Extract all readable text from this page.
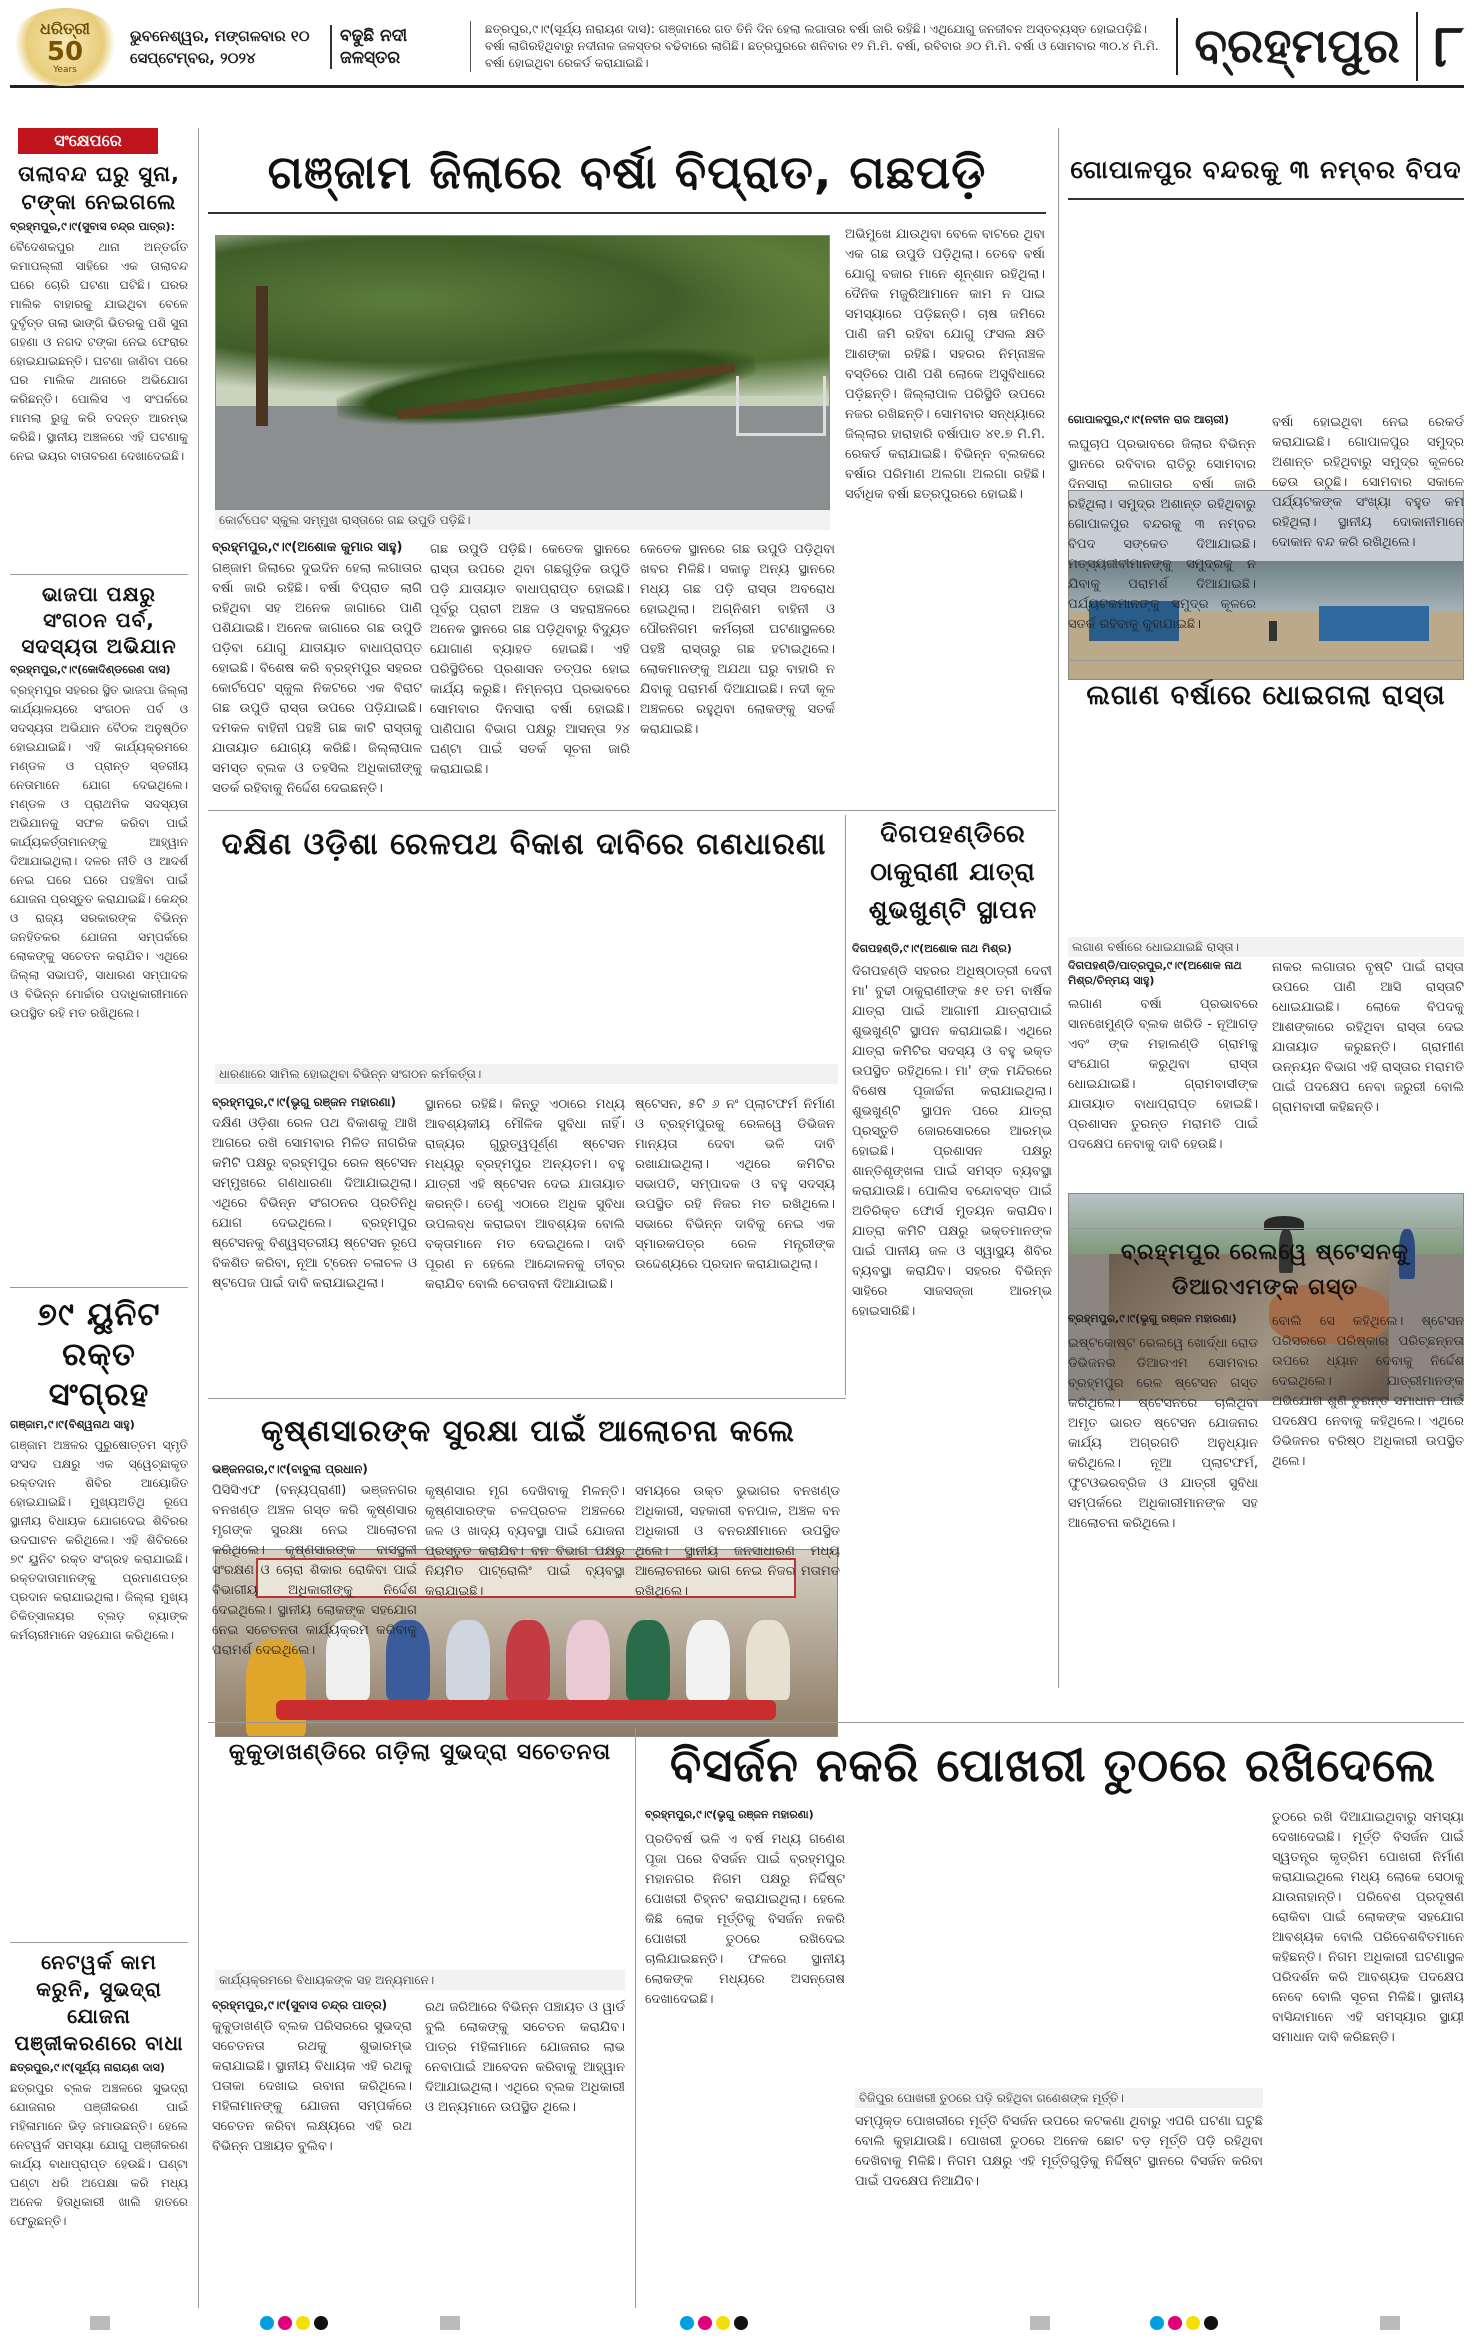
ଧରିତ୍ରୀ
50
Years
ଭୁବନେଶ୍ୱର, ମଙ୍ଗଳବାର ୧୦ ସେପ୍ଟେମ୍ବର, ୨୦୨୪
ବଢୁଛି ନଦୀ ଜଳସ୍ତର
ଛତ୍ରପୁର,୯।୯(ସୂର୍ଯ୍ୟ ନାରାୟଣ ଦାସ): ଗଞ୍ଜାମରେ ଗତ ତିନି ଦିନ ହେଲା ଲଗାତାର ବର୍ଷା ଜାରି ରହିଛି। ଏଥିଯୋଗୁ ଜନଜୀବନ ଅସ୍ତବ୍ୟସ୍ତ ହୋଇପଡ଼ିଛି। ବର୍ଷା ଲାଗିରହିଥିବାରୁ ନଦୀନାଳ ଜଳସ୍ତର ବଢିବାରେ ଲାଗିଛି। ଛତ୍ରପୁରରେ ଶନିବାର ୧୨ ମି.ମି. ବର୍ଷା, ରବିବାର ୬୦ ମି.ମି. ବର୍ଷା ଓ ସୋମବାର ୩୦.୪ ମି.ମି. ବର୍ଷା ହୋଇଥିବା ରେକର୍ଡ କରାଯାଇଛି।	ବ୍ରହ୍ମପୁର ୮
ସଂକ୍ଷେପରେ
ତାଲାବନ୍ଦ ଘରୁ ସୁନା, ଟଙ୍କା ନେଇଗଲେ
ବ୍ରହ୍ମପୁର,୯।୯(ସୁବାସ ଚନ୍ଦ୍ର ପାତ୍ର):
ବୈଦେଶକପୁର ଥାନା ଅନ୍ତର୍ଗତ କମାପଲ୍ଲୀ ସାହିରେ ଏକ ତାଲାବନ୍ଦ ଘରେ ଚୋରି ଘଟଣା ଘଟିଛି। ଘରର ମାଲିକ ବାହାରକୁ ଯାଇଥିବା ବେଳେ ଦୁର୍ବୃତ୍ତ ତାଲା ଭାଙ୍ଗି ଭିତରକୁ ପଶି ସୁନା ଗହଣା ଓ ନଗଦ ଟଙ୍କା ନେଇ ଫେରାର ହୋଇଯାଇଛନ୍ତି। ଘଟଣା ଜାଣିବା ପରେ ଘର ମାଲିକ ଥାନାରେ ଅଭିଯୋଗ କରିଛନ୍ତି। ପୋଲିସ ଏ ସଂପର୍କରେ ମାମଲା ରୁଜୁ କରି ତଦନ୍ତ ଆରମ୍ଭ କରିଛି। ସ୍ଥାନୀୟ ଅଞ୍ଚଳରେ ଏହି ଘଟଣାକୁ ନେଇ ଭୟର ବାତାବରଣ ଦେଖାଦେଇଛି।
ଭାଜପା ପକ୍ଷରୁ ସଂଗଠନ ପର୍ବ, ସଦସ୍ୟତା ଅଭିଯାନ
ବ୍ରହ୍ମପୁର,୯।୯(କୋଦିଣ୍ଡରେଣ ଦାସ)
ବ୍ରହ୍ମପୁର ସହରର ସ୍ଥିତ ଭାଜପା ଜିଲ୍ଲା କାର୍ଯ୍ୟାଳୟରେ ସଂଗଠନ ପର୍ବ ଓ ସଦସ୍ୟତା ଅଭିଯାନ ବୈଠକ ଅନୁଷ୍ଠିତ ହୋଇଯାଇଛି। ଏହି କାର୍ଯ୍ୟକ୍ରମରେ ମଣ୍ଡଳ ଓ ପ୍ରାନ୍ତ ସ୍ତରୀୟ ନେତାମାନେ ଯୋଗ ଦେଇଥିଲେ। ମଣ୍ଡଳ ଓ ପ୍ରାଥମିକ ସଦସ୍ୟତା ଅଭିଯାନକୁ ସଫଳ କରିବା ପାଇଁ କାର୍ଯ୍ୟକର୍ତ୍ତାମାନଙ୍କୁ ଆହ୍ୱାନ ଦିଆଯାଇଥିଲା। ଦଳର ନୀତି ଓ ଆଦର୍ଶ ନେଇ ଘରେ ଘରେ ପହଞ୍ଚିବା ପାଇଁ ଯୋଜନା ପ୍ରସ୍ତୁତ କରାଯାଇଛି। କେନ୍ଦ୍ର ଓ ରାଜ୍ୟ ସରକାରଙ୍କ ବିଭିନ୍ନ ଜନହିତକର ଯୋଜନା ସମ୍ପର୍କରେ ଲୋକଙ୍କୁ ସଚେତନ କରାଯିବ। ଏଥିରେ ଜିଲ୍ଲା ସଭାପତି, ସାଧାରଣ ସମ୍ପାଦକ ଓ ବିଭିନ୍ନ ମୋର୍ଚ୍ଚାର ପଦାଧିକାରୀମାନେ ଉପସ୍ଥିତ ରହି ମତ ରଖିଥିଲେ।
୭୯ ୟୁନିଟ ରକ୍ତ ସଂଗ୍ରହ
ଗଞ୍ଜାମ,୯।୯(ବିଶ୍ୱନାଥ ସାହୁ)
ଗଞ୍ଜାମ ଅଞ୍ଚଳର ପୁରୁଷୋତ୍ତମ ସ୍ମୃତି ସଂସଦ ପକ୍ଷରୁ ଏକ ସ୍ୱେଚ୍ଛାକୃତ ରକ୍ତଦାନ ଶିବିର ଆୟୋଜିତ ହୋଇଯାଇଛି। ମୁଖ୍ୟଅତିଥି ରୂପେ ସ୍ଥାନୀୟ ବିଧାୟକ ଯୋଗଦେଇ ଶିବିରର ଉଦଘାଟନ କରିଥିଲେ। ଏହି ଶିବିରରେ ୭୯ ୟୁନିଟ ରକ୍ତ ସଂଗ୍ରହ କରାଯାଇଛି। ରକ୍ତଦାତାମାନଙ୍କୁ ପ୍ରମାଣପତ୍ର ପ୍ରଦାନ କରାଯାଇଥିଲା। ଜିଲ୍ଲା ମୁଖ୍ୟ ଚିକିତ୍ସାଳୟର ବ୍ଲଡ଼ ବ୍ୟାଙ୍କ କର୍ମଚାରୀମାନେ ସହଯୋଗ କରିଥିଲେ।
ନେଟୱର୍କ କାମ କରୁନି, ସୁଭଦ୍ରା ଯୋଜନା ପଞ୍ଜୀକରଣରେ ବାଧା
ଛତ୍ରପୁର,୯।୯(ସୂର୍ଯ୍ୟ ନାରାୟଣ ଦାସ)
ଛତ୍ରପୁର ବ୍ଲକ ଅଞ୍ଚଳରେ ସୁଭଦ୍ରା ଯୋଜନାର ପଞ୍ଜୀକରଣ ପାଇଁ ମହିଳାମାନେ ଭିଡ଼ ଜମାଉଛନ୍ତି। ହେଲେ ନେଟୱର୍କ ସମସ୍ୟା ଯୋଗୁ ପଞ୍ଜୀକରଣ କାର୍ଯ୍ୟ ବାଧାପ୍ରାପ୍ତ ହେଉଛି। ଘଣ୍ଟା ଘଣ୍ଟା ଧରି ଅପେକ୍ଷା କରି ମଧ୍ୟ ଅନେକ ହିତାଧିକାରୀ ଖାଲି ହାତରେ ଫେରୁଛନ୍ତି।
ଗଞ୍ଜାମ ଜିଲାରେ ବର୍ଷା ବିପ୍ରାତ, ଗଛପଡ଼ି
କୋର୍ଟପେଟ ସ୍କୁଲ ସମ୍ମୁଖ ରାସ୍ତାରେ ଗଛ ଉପୁଡି ପଡ଼ିଛି।
ବ୍ରହ୍ମପୁର,୯।୯(ଅଶୋକ କୁମାର ସାହୁ)
ଗଞ୍ଜାମ ଜିଲାରେ ଦୁଇଦିନ ହେଲା ଲଗାତାର ବର୍ଷା ଜାରି ରହିଛି। ବର୍ଷା ବିପ୍ରାତ ଲାଗି ରହିଥିବା ସହ ଅନେକ ଜାଗାରେ ପାଣି ପଶିଯାଇଛି। ଅନେକ ଜାଗାରେ ଗଛ ଉପୁଡି ପଡ଼ିବା ଯୋଗୁ ଯାତାୟାତ ବାଧାପ୍ରାପ୍ତ ହୋଇଛି। ବିଶେଷ କରି ବ୍ରହ୍ମପୁର ସହରର କୋର୍ଟପେଟ ସ୍କୁଲ ନିକଟରେ ଏକ ବିରାଟ ଗଛ ଉପୁଡି ରାସ୍ତା ଉପରେ ପଡ଼ିଯାଇଛି। ଦମକଳ ବାହିନୀ ପହଞ୍ଚି ଗଛ କାଟି ରାସ୍ତାକୁ ଯାତାୟାତ ଯୋଗ୍ୟ କରିଛି। ଜିଲ୍ଲାପାଳ ସମସ୍ତ ବ୍ଲକ ଓ ତହସିଲ ଅଧିକାରୀଙ୍କୁ ସତର୍କ ରହିବାକୁ ନିର୍ଦ୍ଦେଶ ଦେଇଛନ୍ତି।
ଗଛ ଉପୁଡି ପଡ଼ିଛି। କେତେକ ସ୍ଥାନରେ ରାସ୍ତା ଉପରେ ଥିବା ଗଛଗୁଡ଼ିକ ଉପୁଡି ପଡ଼ି ଯାତାୟାତ ବାଧାପ୍ରାପ୍ତ ହୋଇଛି। ପୂର୍ବରୁ ପ୍ରାଚୀ ଅଞ୍ଚଳ ଓ ସହରାଞ୍ଚଳରେ ଅନେକ ସ୍ଥାନରେ ଗଛ ପଡ଼ିଥିବାରୁ ବିଦ୍ୟୁତ ଯୋଗାଣ ବ୍ୟାହତ ହୋଇଛି। ଏହି ପରିସ୍ଥିତିରେ ପ୍ରଶାସନ ତତ୍ପର ହୋଇ କାର୍ଯ୍ୟ କରୁଛି। ନିମ୍ନଚାପ ପ୍ରଭାବରେ ସୋମବାର ଦିନସାରା ବର୍ଷା ହୋଇଛି। ପାଣିପାଗ ବିଭାଗ ପକ୍ଷରୁ ଆସନ୍ତା ୨୪ ଘଣ୍ଟା ପାଇଁ ସତର୍କ ସୂଚନା ଜାରି କରାଯାଇଛି।
କେତେକ ସ୍ଥାନରେ ଗଛ ଉପୁଡି ପଡ଼ିଥିବା ଖବର ମିଳିଛି। ସକାଳୁ ଅନ୍ୟ ସ୍ଥାନରେ ମଧ୍ୟ ଗଛ ପଡ଼ି ରାସ୍ତା ଅବରୋଧ ହୋଇଥିଲା। ଅଗ୍ନିଶମ ବାହିନୀ ଓ ପୌରନିଗମ କର୍ମଚାରୀ ଘଟଣାସ୍ଥଳରେ ପହଞ୍ଚି ରାସ୍ତାରୁ ଗଛ ହଟାଇଥିଲେ। ଲୋକମାନଙ୍କୁ ଅଯଥା ଘରୁ ବାହାରି ନ ଯିବାକୁ ପରାମର୍ଶ ଦିଆଯାଇଛି। ନଦୀ କୂଳ ଅଞ୍ଚଳରେ ରହୁଥିବା ଲୋକଙ୍କୁ ସତର୍କ କରାଯାଇଛି।
ଅଭିମୁଖେ ଯାଉଥିବା ବେଳେ ବାଟରେ ଥିବା ଏକ ଗଛ ଉପୁଡି ପଡ଼ିଥିଲା। ତେବେ ବର୍ଷା ଯୋଗୁ ବଜାର ମାନେ ଶୂନ୍ଶାନ ରହିଥିଲା। ଦୈନିକ ମଜୁରିଆମାନେ କାମ ନ ପାଇ ସମସ୍ୟାରେ ପଡ଼ିଛନ୍ତି। ଚାଷ ଜମିରେ ପାଣି ଜମି ରହିବା ଯୋଗୁ ଫସଲ କ୍ଷତି ଆଶଙ୍କା ରହିଛି। ସହରର ନିମ୍ନାଞ୍ଚଳ ବସ୍ତିରେ ପାଣି ପଶି ଲୋକେ ଅସୁବିଧାରେ ପଡ଼ିଛନ୍ତି। ଜିଲ୍ଲାପାଳ ପରିସ୍ଥିତି ଉପରେ ନଜର ରଖିଛନ୍ତି। ସୋମବାର ସନ୍ଧ୍ୟାରେ ଜିଲ୍ଲାର ହାରାହାରି ବର୍ଷାପାତ ୪୧.୭ ମି.ମି. ରେକର୍ଡ କରାଯାଇଛି। ବିଭିନ୍ନ ବ୍ଲକରେ ବର୍ଷାର ପରିମାଣ ଅଲଗା ଅଲଗା ରହିଛି। ସର୍ବାଧିକ ବର୍ଷା ଛତ୍ରପୁରରେ ହୋଇଛି।
ଗୋପାଳପୁର ବନ୍ଦରକୁ ୩ ନମ୍ବର ବିପଦ
ଗୋପାଳପୁର,୯।୯(ନବୀନ ରାଜ ଆଚାରୀ)
ଲଘୁଚାପ ପ୍ରଭାବରେ ଜିଲାର ବିଭିନ୍ନ ସ୍ଥାନରେ ରବିବାର ରାତିରୁ ସୋମବାର ଦିନସାରା ଲଗାତାର ବର୍ଷା ଜାରି ରହିଥିଲା। ସମୁଦ୍ର ଅଶାନ୍ତ ରହିଥିବାରୁ ଗୋପାଳପୁର ବନ୍ଦରକୁ ୩ ନମ୍ବର ବିପଦ ସଙ୍କେତ ଦିଆଯାଇଛି। ମତ୍ସ୍ୟଜୀବୀମାନଙ୍କୁ ସମୁଦ୍ରକୁ ନ ଯିବାକୁ ପରାମର୍ଶ ଦିଆଯାଇଛି। ପର୍ଯ୍ୟଟକମାନଙ୍କୁ ସମୁଦ୍ର କୂଳରେ ସତର୍କ ରହିବାକୁ କୁହାଯାଇଛି।
ବର୍ଷା ହୋଇଥିବା ନେଇ ରେକର୍ଡ କରାଯାଇଛି। ଗୋପାଳପୁର ସମୁଦ୍ର ଅଶାନ୍ତ ରହିଥିବାରୁ ସମୁଦ୍ର କୂଳରେ ଢେଉ ଉଠୁଛି। ସୋମବାର ସକାଳେ ପର୍ଯ୍ୟଟକଙ୍କ ସଂଖ୍ୟା ବହୁତ କମ ରହିଥିଲା। ସ୍ଥାନୀୟ ଦୋକାନୀମାନେ ଦୋକାନ ବନ୍ଦ କରି ରଖିଥିଲେ।
ଲଗାଣ ବର୍ଷାରେ ଧୋଇଗଲା ରାସ୍ତା
ଲଗାଣ ବର୍ଷାରେ ଧୋଇଯାଇଛି ରାସ୍ତା।
ଦିଗପହଣ୍ଡି/ପାତ୍ରପୁର,୯।୯(ଅଶୋକ ନାଥ ମିଶ୍ର/ଚିନ୍ମୟ ସାହୁ)
ଲଗାଣ ବର୍ଷା ପ୍ରଭାବରେ ସାନଖେମୁଣ୍ଡି ବ୍ଲକ ଖରିଡି - ନୂଆଗଡ଼ ଏବଂ ଙ୍କ ମହାଲଣ୍ଡି ଗ୍ରାମକୁ ସଂଯୋଗ କରୁଥିବା ରାସ୍ତା ଧୋଇଯାଇଛି। ଗ୍ରାମବାସୀଙ୍କ ଯାତାୟାତ ବାଧାପ୍ରାପ୍ତ ହୋଇଛି। ପ୍ରଶାସନ ତୁରନ୍ତ ମରାମତି ପାଇଁ ପଦକ୍ଷେପ ନେବାକୁ ଦାବି ହେଉଛି।
ନାକର ଲଗାତାର ବୃଷ୍ଟି ପାଇଁ ରାସ୍ତା ଉପରେ ପାଣି ଆସି ରାସ୍ତାଟି ଧୋଇଯାଇଛି। ଲୋକେ ବିପଦକୁ ଆଶଙ୍କାରେ ରହିଥିବା ରାସ୍ତା ଦେଇ ଯାତାୟାତ କରୁଛନ୍ତି। ଗ୍ରାମୀଣ ଉନ୍ନୟନ ବିଭାଗ ଏହି ରାସ୍ତାର ମରାମତି ପାଇଁ ପଦକ୍ଷେପ ନେବା ଜରୁରୀ ବୋଲି ଗ୍ରାମବାସୀ କହିଛନ୍ତି।
ଦକ୍ଷିଣ ଓଡ଼ିଶା ରେଳପଥ ବିକାଶ ଦାବିରେ ଗଣଧାରଣା
ଧାରଣାରେ ସାମିଲ ହୋଇଥିବା ବିଭିନ୍ନ ସଂଗଠନ କର୍ମକର୍ତ୍ତା।
ବ୍ରହ୍ମପୁର,୯।୯(ଭୃଗୁ ରଞ୍ଜନ ମହାରଣା)
ଦକ୍ଷିଣ ଓଡ଼ିଶା ରେଳ ପଥ ବିକାଶକୁ ଆଖି ଆଗରେ ରଖି ସୋମବାର ମିଳିତ ନାଗରିକ କମିଟି ପକ୍ଷରୁ ବ୍ରହ୍ମପୁର ରେଳ ଷ୍ଟେସନ ସମ୍ମୁଖରେ ଗଣଧାରଣା ଦିଆଯାଇଥିଲା। ଏଥିରେ ବିଭିନ୍ନ ସଂଗଠନର ପ୍ରତିନିଧି ଯୋଗ ଦେଇଥିଲେ। ବ୍ରହ୍ମପୁର ଷ୍ଟେସନକୁ ବିଶ୍ୱସ୍ତରୀୟ ଷ୍ଟେସନ ରୂପେ ବିକଶିତ କରିବା, ନୂଆ ଟ୍ରେନ ଚଳାଚଳ ଓ ଷ୍ଟପେଜ ପାଇଁ ଦାବି କରାଯାଇଥିଲା।
ସ୍ଥାନରେ ରହିଛି। କିନ୍ତୁ ଏଠାରେ ମଧ୍ୟ ଆବଶ୍ୟକୀୟ ମୌଳିକ ସୁବିଧା ନାହିଁ। ରାଜ୍ୟର ଗୁରୁତ୍ୱପୂର୍ଣ୍ଣ ଷ୍ଟେସନ ମଧ୍ୟରୁ ବ୍ରହ୍ମପୁର ଅନ୍ୟତମ। ବହୁ ଯାତ୍ରୀ ଏହି ଷ୍ଟେସନ ଦେଇ ଯାତାୟାତ କରନ୍ତି। ତେଣୁ ଏଠାରେ ଅଧିକ ସୁବିଧା ଉପଲବ୍ଧ କରାଇବା ଆବଶ୍ୟକ ବୋଲି ବକ୍ତାମାନେ ମତ ଦେଇଥିଲେ। ଦାବି ପୂରଣ ନ ହେଲେ ଆନ୍ଦୋଳନକୁ ତୀବ୍ର କରାଯିବ ବୋଲି ଚେତାବନୀ ଦିଆଯାଇଛି।
ଷ୍ଟେସନ, ୫ଟି ୬ ନଂ ପ୍ଲାଟଫର୍ମ ନିର୍ମାଣ ଓ ବ୍ରହ୍ମପୁରକୁ ରେଳୱେ ଡିଭିଜନ ମାନ୍ୟତା ଦେବା ଭଳି ଦାବି ରଖାଯାଇଥିଲା। ଏଥିରେ କମିଟିର ସଭାପତି, ସମ୍ପାଦକ ଓ ବହୁ ସଦସ୍ୟ ଉପସ୍ଥିତ ରହି ନିଜର ମତ ରଖିଥିଲେ। ସଭାରେ ବିଭିନ୍ନ ଦାବିକୁ ନେଇ ଏକ ସ୍ମାରକପତ୍ର ରେଳ ମନ୍ତ୍ରୀଙ୍କ ଉଦ୍ଦେଶ୍ୟରେ ପ୍ରଦାନ କରାଯାଇଥିଲା।
ଦିଗପହଣ୍ଡିରେ ଠାକୁରାଣୀ ଯାତ୍ରା ଶୁଭଖୁଣ୍ଟି ସ୍ଥାପନ
ଦିଗପହଣ୍ଡି,୯।୯(ଅଶୋକ ନାଥ ମିଶ୍ର)
ଦିଗପହଣ୍ଡି ସହରର ଅଧିଷ୍ଠାତ୍ରୀ ଦେବୀ ମା' ବୁଢୀ ଠାକୁରାଣୀଙ୍କ ୫୧ ତମ ବାର୍ଷିକ ଯାତ୍ରା ପାଇଁ ଆଗାମୀ ଯାତ୍ରାପାଇଁ ଶୁଭଖୁଣ୍ଟି ସ୍ଥାପନ କରାଯାଇଛି। ଏଥିରେ ଯାତ୍ରା କମିଟିର ସଦସ୍ୟ ଓ ବହୁ ଭକ୍ତ ଉପସ୍ଥିତ ରହିଥିଲେ। ମା' ଙ୍କ ମନ୍ଦିରରେ ବିଶେଷ ପୂଜାର୍ଚ୍ଚନା କରାଯାଇଥିଲା। ଶୁଭଖୁଣ୍ଟି ସ୍ଥାପନ ପରେ ଯାତ୍ରା ପ୍ରସ୍ତୁତି ଜୋରସୋରରେ ଆରମ୍ଭ ହୋଇଛି। ପ୍ରଶାସନ ପକ୍ଷରୁ ଶାନ୍ତିଶୃଙ୍ଖଳା ପାଇଁ ସମସ୍ତ ବ୍ୟବସ୍ଥା କରାଯାଉଛି। ପୋଲିସ ବନ୍ଦୋବସ୍ତ ପାଇଁ ଅତିରିକ୍ତ ଫୋର୍ସ ମୁତୟନ କରାଯିବ। ଯାତ୍ରା କମିଟି ପକ୍ଷରୁ ଭକ୍ତମାନଙ୍କ ପାଇଁ ପାନୀୟ ଜଳ ଓ ସ୍ୱାସ୍ଥ୍ୟ ଶିବିର ବ୍ୟବସ୍ଥା କରାଯିବ। ସହରର ବିଭିନ୍ନ ସାହିରେ ସାଜସଜ୍ଜା ଆରମ୍ଭ ହୋଇସାରିଛି।
ବ୍ରହ୍ମପୁର ରେଲୱେ ଷ୍ଟେସନକୁ ଡିଆରଏମଙ୍କ ଗସ୍ତ
ବ୍ରହ୍ମପୁର,୯।୯(ଭୃଗୁ ରଞ୍ଜନ ମହାରଣା)
ଇଷ୍ଟକୋଷ୍ଟ ରେଲୱେ ଖୋର୍ଦ୍ଧା ରୋଡ ଡିଭିଜନର ଡିଆରଏମ ସୋମବାର ବ୍ରହ୍ମପୁର ରେଳ ଷ୍ଟେସନ ଗସ୍ତ କରିଥିଲେ। ଷ୍ଟେସନରେ ଚାଲିଥିବା ଅମୃତ ଭାରତ ଷ୍ଟେସନ ଯୋଜନାର କାର୍ଯ୍ୟ ଅଗ୍ରଗତି ଅନୁଧ୍ୟାନ କରିଥିଲେ। ନୂଆ ପ୍ଲାଟଫର୍ମ, ଫୁଟଓଭରବ୍ରିଜ ଓ ଯାତ୍ରୀ ସୁବିଧା ସମ୍ପର୍କରେ ଅଧିକାରୀମାନଙ୍କ ସହ ଆଲୋଚନା କରିଥିଲେ।
ବୋଲି ସେ କହିଥିଲେ। ଷ୍ଟେସନ ପରିସରରେ ପରିଷ୍କାର ପରିଚ୍ଛନ୍ନତା ଉପରେ ଧ୍ୟାନ ଦେବାକୁ ନିର୍ଦ୍ଦେଶ ଦେଇଥିଲେ। ଯାତ୍ରୀମାନଙ୍କ ଅଭିଯୋଗ ଶୁଣି ତୁରନ୍ତ ସମାଧାନ ପାଇଁ ପଦକ୍ଷେପ ନେବାକୁ କହିଥିଲେ। ଏଥିରେ ଡିଭିଜନର ବରିଷ୍ଠ ଅଧିକାରୀ ଉପସ୍ଥିତ ଥିଲେ।
କୃଷ୍ଣସାରଙ୍କ ସୁରକ୍ଷା ପାଇଁ ଆଲୋଚନା କଲେ
ଭଞ୍ଜନଗର,୯।୯(ବାବୁଲା ପ୍ରଧାନ)
ପିସିସିଏଫ (ବନ୍ୟପ୍ରାଣୀ) ଭଞ୍ଜନଗର ବନଖଣ୍ଡ ଅଞ୍ଚଳ ଗସ୍ତ କରି କୃଷ୍ଣସାର ମୃଗଙ୍କ ସୁରକ୍ଷା ନେଇ ଆଲୋଚନା କରିଥିଲେ। କୃଷ୍ଣସାରଙ୍କ ବାସସ୍ଥଳୀ ସଂରକ୍ଷଣ ଓ ଚୋରା ଶିକାର ରୋକିବା ପାଇଁ ବିଭାଗୀୟ ଅଧିକାରୀଙ୍କୁ ନିର୍ଦ୍ଦେଶ ଦେଇଥିଲେ। ସ୍ଥାନୀୟ ଲୋକଙ୍କ ସହଯୋଗ ନେଇ ସଚେତନତା କାର୍ଯ୍ୟକ୍ରମ କରିବାକୁ ପରାମର୍ଶ ଦେଇଥିଲେ।
କୃଷ୍ଣସାର ମୃଗ ଦେଖିବାକୁ ମିଳନ୍ତି। କୃଷ୍ଣସାରଙ୍କ ଚଳପ୍ରଚଳ ଅଞ୍ଚଳରେ ଜଳ ଓ ଖାଦ୍ୟ ବ୍ୟବସ୍ଥା ପାଇଁ ଯୋଜନା ପ୍ରସ୍ତୁତ କରାଯିବ। ବନ ବିଭାଗ ପକ୍ଷରୁ ନିୟମିତ ପାଟ୍ରୋଲିଂ ପାଇଁ ବ୍ୟବସ୍ଥା କରାଯାଇଛି।
ସମୟରେ ଉକ୍ତ ଭୁଭାଗର ବନଖଣ୍ଡ ଅଧିକାରୀ, ସହକାରୀ ବନପାଳ, ଅଞ୍ଚଳ ବନ ଅଧିକାରୀ ଓ ବନରକ୍ଷୀମାନେ ଉପସ୍ଥିତ ଥିଲେ। ସ୍ଥାନୀୟ ଜନସାଧାରଣ ମଧ୍ୟ ଆଲୋଚନାରେ ଭାଗ ନେଇ ନିଜର ମତାମତ ରଖିଥିଲେ।
କୁକୁଡାଖଣ୍ଡିରେ ଗଡ଼ିଲା ସୁଭଦ୍ରା ସଚେତନତା
କାର୍ଯ୍ୟକ୍ରମରେ ବିଧାୟକଙ୍କ ସହ ଅନ୍ୟମାନେ।
ବ୍ରହ୍ମପୁର,୯।୯(ସୁବାସ ଚନ୍ଦ୍ର ପାତ୍ର)
କୁକୁଡାଖଣ୍ଡି ବ୍ଲକ ପରିସରରେ ସୁଭଦ୍ରା ସଚେତନତା ରଥକୁ ଶୁଭାରମ୍ଭ କରାଯାଇଛି। ସ୍ଥାନୀୟ ବିଧାୟକ ଏହି ରଥକୁ ପତାକା ଦେଖାଇ ରବାନା କରିଥିଲେ। ମହିଳାମାନଙ୍କୁ ଯୋଜନା ସମ୍ପର୍କରେ ସଚେତନ କରିବା ଲକ୍ଷ୍ୟରେ ଏହି ରଥ ବିଭିନ୍ନ ପଞ୍ଚାୟତ ବୁଲିବ।
ରଥ ଜରିଆରେ ବିଭିନ୍ନ ପଞ୍ଚାୟତ ଓ ୱାର୍ଡ ବୁଲି ଲୋକଙ୍କୁ ସଚେତନ କରାଯିବ। ପାତ୍ର ମହିଳାମାନେ ଯୋଜନାର ଲାଭ ନେବାପାଇଁ ଆବେଦନ କରିବାକୁ ଆହ୍ୱାନ ଦିଆଯାଇଥିଲା। ଏଥିରେ ବ୍ଲକ ଅଧିକାରୀ ଓ ଅନ୍ୟମାନେ ଉପସ୍ଥିତ ଥିଲେ।
ବିସର୍ଜନ ନକରି ପୋଖରୀ ତୁଠରେ ରଖିଦେଲେ
ବ୍ରହ୍ମପୁର,୯।୯(ଭୃଗୁ ରଞ୍ଜନ ମହାରଣା)
ପ୍ରତିବର୍ଷ ଭଳି ଏ ବର୍ଷ ମଧ୍ୟ ଗଣେଶ ପୂଜା ପରେ ବିସର୍ଜନ ପାଇଁ ବ୍ରହ୍ମପୁର ମହାନଗର ନିଗମ ପକ୍ଷରୁ ନିର୍ଦ୍ଦିଷ୍ଟ ପୋଖରୀ ଚିହ୍ନଟ କରାଯାଇଥିଲା। ହେଲେ କିଛି ଲୋକ ମୂର୍ତ୍ତିକୁ ବିସର୍ଜନ ନକରି ପୋଖରୀ ତୁଠରେ ରଖିଦେଇ ଚାଲିଯାଇଛନ୍ତି। ଫଳରେ ସ୍ଥାନୀୟ ଲୋକଙ୍କ ମଧ୍ୟରେ ଅସନ୍ତୋଷ ଦେଖାଦେଇଛି।
ବିଜିପୁର ପୋଖରୀ ତୁଠରେ ପଡ଼ି ରହିଥିବା ଗଣେଶଙ୍କ ମୂର୍ତ୍ତି।
ସମ୍ପୃକ୍ତ ପୋଖରୀରେ ମୂର୍ତ୍ତି ବିସର୍ଜନ ଉପରେ କଟକଣା ଥିବାରୁ ଏପରି ଘଟଣା ଘଟୁଛି ବୋଲି କୁହାଯାଉଛି। ପୋଖରୀ ତୁଠରେ ଅନେକ ଛୋଟ ବଡ଼ ମୂର୍ତ୍ତି ପଡ଼ି ରହିଥିବା ଦେଖିବାକୁ ମିଳିଛି। ନିଗମ ପକ୍ଷରୁ ଏହି ମୂର୍ତ୍ତିଗୁଡ଼ିକୁ ନିର୍ଦ୍ଦିଷ୍ଟ ସ୍ଥାନରେ ବିସର୍ଜନ କରିବା ପାଇଁ ପଦକ୍ଷେପ ନିଆଯିବ।
ତୁଠରେ ରଖି ଦିଆଯାଇଥିବାରୁ ସମସ୍ୟା ଦେଖାଦେଇଛି। ମୂର୍ତ୍ତି ବିସର୍ଜନ ପାଇଁ ସ୍ୱତନ୍ତ୍ର କୃତ୍ରିମ ପୋଖରୀ ନିର୍ମାଣ କରାଯାଇଥିଲେ ମଧ୍ୟ ଲୋକେ ସେଠାକୁ ଯାଉନାହାନ୍ତି। ପରିବେଶ ପ୍ରଦୂଷଣ ରୋକିବା ପାଇଁ ଲୋକଙ୍କ ସହଯୋଗ ଆବଶ୍ୟକ ବୋଲି ପରିବେଶବିତମାନେ କହିଛନ୍ତି। ନିଗମ ଅଧିକାରୀ ଘଟଣାସ୍ଥଳ ପରିଦର୍ଶନ କରି ଆବଶ୍ୟକ ପଦକ୍ଷେପ ନେବେ ବୋଲି ସୂଚନା ମିଳିଛି। ସ୍ଥାନୀୟ ବାସିନ୍ଦାମାନେ ଏହି ସମସ୍ୟାର ସ୍ଥାୟୀ ସମାଧାନ ଦାବି କରିଛନ୍ତି।
